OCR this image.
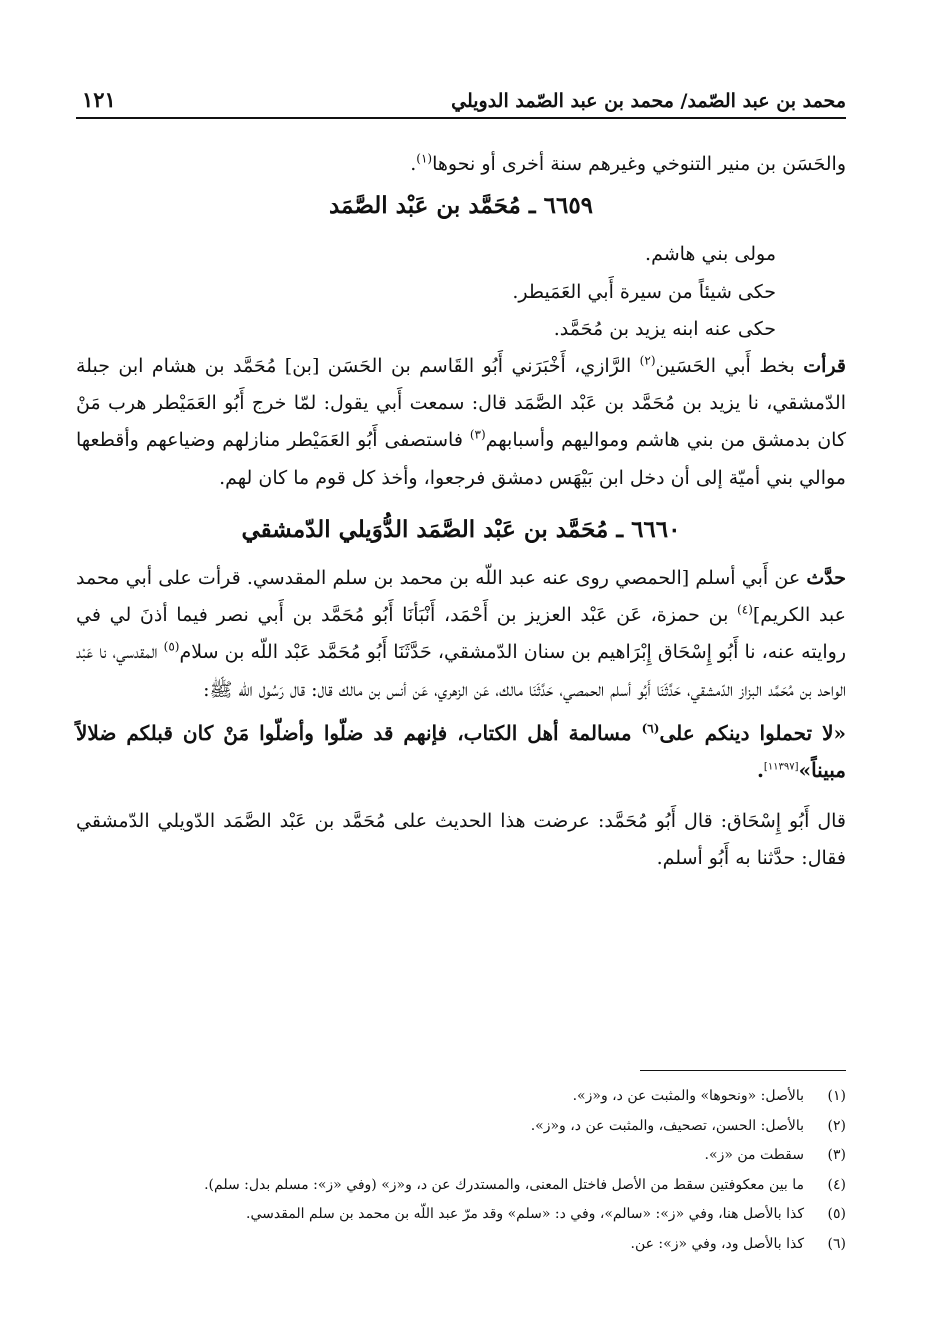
محمد بن عبد الصّمد/ محمد بن عبد الصّمد الدويلي
١٢١

والحَسَن بن منير التنوخي وغيرهم سنة أخرى أو نحوها$^{(١)}$.

٦٦٥٩ ـ مُحَمَّد بن عَبْد الصَّمَد

مولى بني هاشم.

حكى شيئاً من سيرة أَبي العَمَيطر.

حكى عنه ابنه يزيد بن مُحَمَّد.

قرأت بخط أَبي الحَسَين$^{(٢)}$ الرَّازي، أَخْبَرَني أَبُو القَاسم بن الحَسَن [بن] مُحَمَّد بن هشام ابن جبلة الدّمشقي، نا يزيد بن مُحَمَّد بن عَبْد الصَّمَد قال: سمعت أَبي يقول: لمّا خرج أَبُو العَمَيْطر هرب مَنْ كان بدمشق من بني هاشم ومواليهم وأسبابهم$^{(٣)}$ فاستصفى أَبُو العَمَيْطر منازلهم وضياعهم وأقطعها موالي بني أميّة إلى أن دخل ابن بَيْهَس دمشق فرجعوا، وأخذ كل قوم ما كان لهم.

٦٦٦٠ ـ مُحَمَّد بن عَبْد الصَّمَد الدُّوَيلي الدّمشقي

حدَّث عن أَبي أسلم [الحمصي روى عنه عبد اللّه بن محمد بن سلم المقدسي. قرأت على أبي محمد عبد الكريم]$^{(٤)}$ بن حمزة، عَن عَبْد العزيز بن أَحْمَد، أَنْبَأنَا أَبُو مُحَمَّد بن أَبي نصر فيما أذنَ لي في روايته عنه، نا أَبُو إِسْحَاق إِبْرَاهيم بن سنان الدّمشقي، حَدَّثَنَا أَبُو مُحَمَّد عَبْد اللّه بن سلام$^{(٥)}$ المقدسي، نا عَبْد الواحد بن مُحَمَّد البزاز الدّمشقي، حَدَّثَنَا أَبُو أسلم الحمصي، حَدَّثَنَا مالك، عَن الزهري، عَن أنس بن مالك قال: قال رَسُول اللّه ﷺ:

«لا تحملوا دينكم على$^{(٦)}$ مسالمة أهل الكتاب، فإنهم قد ضلّوا وأضلّوا مَنْ كان قبلكم ضلالاً مبيناً»[١١٣٩٧].

قال أَبُو إِسْحَاق: قال أَبُو مُحَمَّد: عرضت هذا الحديث على مُحَمَّد بن عَبْد الصَّمَد الدّويلي الدّمشقي فقال: حدَّثنا به أَبُو أسلم.

(١)بالأصل: «ونحوها» والمثبت عن د، و«ز».

(٢)بالأصل: الحسن، تصحيف، والمثبت عن د، و«ز».

(٣)سقطت من «ز».

(٤)ما بين معكوفتين سقط من الأصل فاختل المعنى، والمستدرك عن د، و«ز» (وفي «ز»: مسلم بدل: سلم).

(٥)كذا بالأصل هنا، وفي «ز»: «سالم»، وفي د: «سلم» وقد مرّ عبد اللّه بن محمد بن سلم المقدسي.

(٦)كذا بالأصل ود، وفي «ز»: عن.
